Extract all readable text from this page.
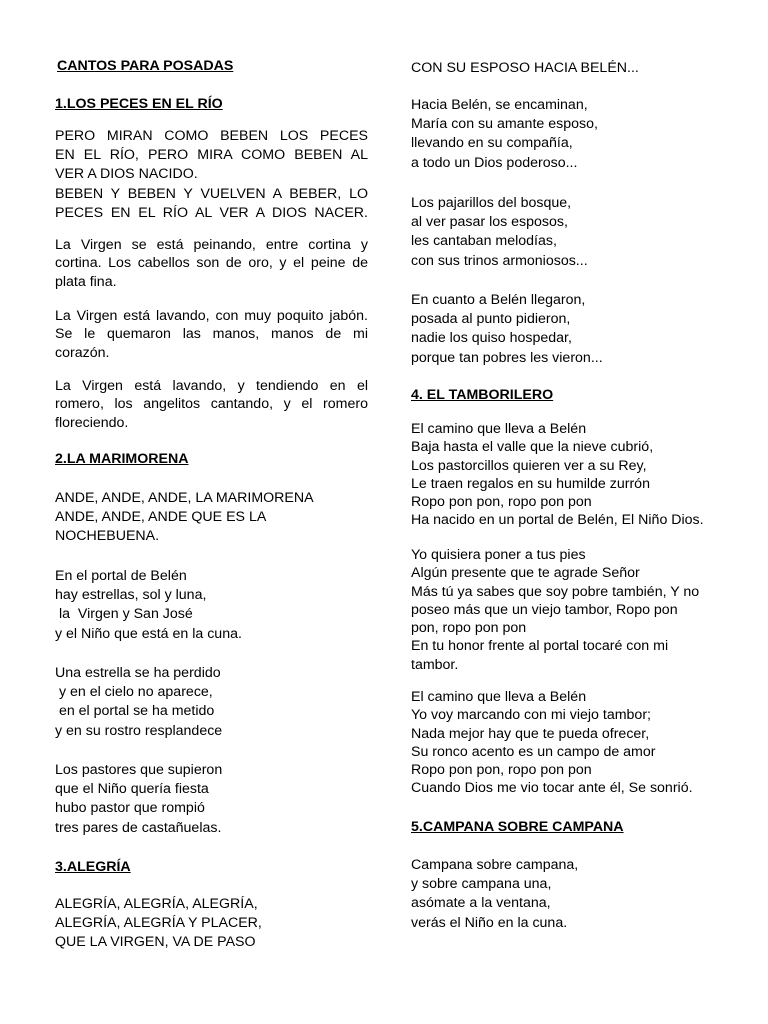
CANTOS PARA POSADAS
1.LOS PECES EN EL RÍO
PERO MIRAN COMO BEBEN LOS PECES
EN EL RÍO, PERO MIRA COMO BEBEN AL
VER A DIOS NACIDO.
BEBEN Y BEBEN Y VUELVEN A BEBER, LO
PECES EN EL RÍO AL VER A DIOS NACER.
La Virgen se está peinando, entre cortina y
cortina. Los cabellos son de oro, y el peine de
plata fina.
La Virgen está lavando, con muy poquito jabón.
Se le quemaron las manos, manos de mi
corazón.
La Virgen está lavando, y tendiendo en el
romero, los angelitos cantando, y el romero
floreciendo.
2.LA MARIMORENA
ANDE, ANDE, ANDE, LA MARIMORENA
ANDE, ANDE, ANDE QUE ES LA
NOCHEBUENA.
En el portal de Belén
hay estrellas, sol y luna,
la  Virgen y San José
y el Niño que está en la cuna.
Una estrella se ha perdido
y en el cielo no aparece,
en el portal se ha metido
y en su rostro resplandece
Los pastores que supieron
que el Niño quería fiesta
hubo pastor que rompió
tres pares de castañuelas.
3.ALEGRÍA
ALEGRÍA, ALEGRÍA, ALEGRÍA,
ALEGRÍA, ALEGRÍA Y PLACER,
QUE LA VIRGEN, VA DE PASO
CON SU ESPOSO HACIA BELÉN...
Hacia Belén, se encaminan,
María con su amante esposo,
llevando en su compañía,
a todo un Dios poderoso...
Los pajarillos del bosque,
al ver pasar los esposos,
les cantaban melodías,
con sus trinos armoniosos...
En cuanto a Belén llegaron,
posada al punto pidieron,
nadie los quiso hospedar,
porque tan pobres les vieron...
4. EL TAMBORILERO
El camino que lleva a Belén
Baja hasta el valle que la nieve cubrió,
Los pastorcillos quieren ver a su Rey,
Le traen regalos en su humilde zurrón
Ropo pon pon, ropo pon pon
Ha nacido en un portal de Belén, El Niño Dios.
Yo quisiera poner a tus pies
Algún presente que te agrade Señor
Más tú ya sabes que soy pobre también, Y no
poseo más que un viejo tambor, Ropo pon
pon, ropo pon pon
En tu honor frente al portal tocaré con mi
tambor.
El camino que lleva a Belén
Yo voy marcando con mi viejo tambor;
Nada mejor hay que te pueda ofrecer,
Su ronco acento es un campo de amor
Ropo pon pon, ropo pon pon
Cuando Dios me vio tocar ante él, Se sonrió.
5.CAMPANA SOBRE CAMPANA
Campana sobre campana,
y sobre campana una,
asómate a la ventana,
verás el Niño en la cuna.
